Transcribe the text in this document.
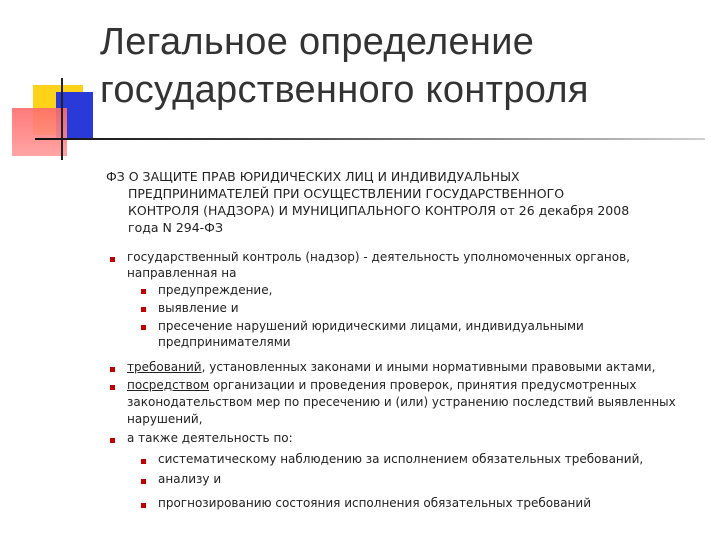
Легальное определение
государственного контроля
ФЗ О ЗАЩИТЕ ПРАВ ЮРИДИЧЕСКИХ ЛИЦ И ИНДИВИДУАЛЬНЫХ
ПРЕДПРИНИМАТЕЛЕЙ ПРИ ОСУЩЕСТВЛЕНИИ ГОСУДАРСТВЕННОГО
КОНТРОЛЯ (НАДЗОРА) И МУНИЦИПАЛЬНОГО КОНТРОЛЯ от 26 декабря 2008
года N 294-ФЗ
государственный контроль (надзор) - деятельность уполномоченных органов,
направленная на
предупреждение,
выявление и
пресечение нарушений юридическими лицами, индивидуальными
предпринимателями
требований, установленных законами и иными нормативными правовыми актами,
посредством организации и проведения проверок, принятия предусмотренных
законодательством мер по пресечению и (или) устранению последствий выявленных
нарушений,
а также деятельность по:
систематическому наблюдению за исполнением обязательных требований,
анализу и
прогнозированию состояния исполнения обязательных требований
